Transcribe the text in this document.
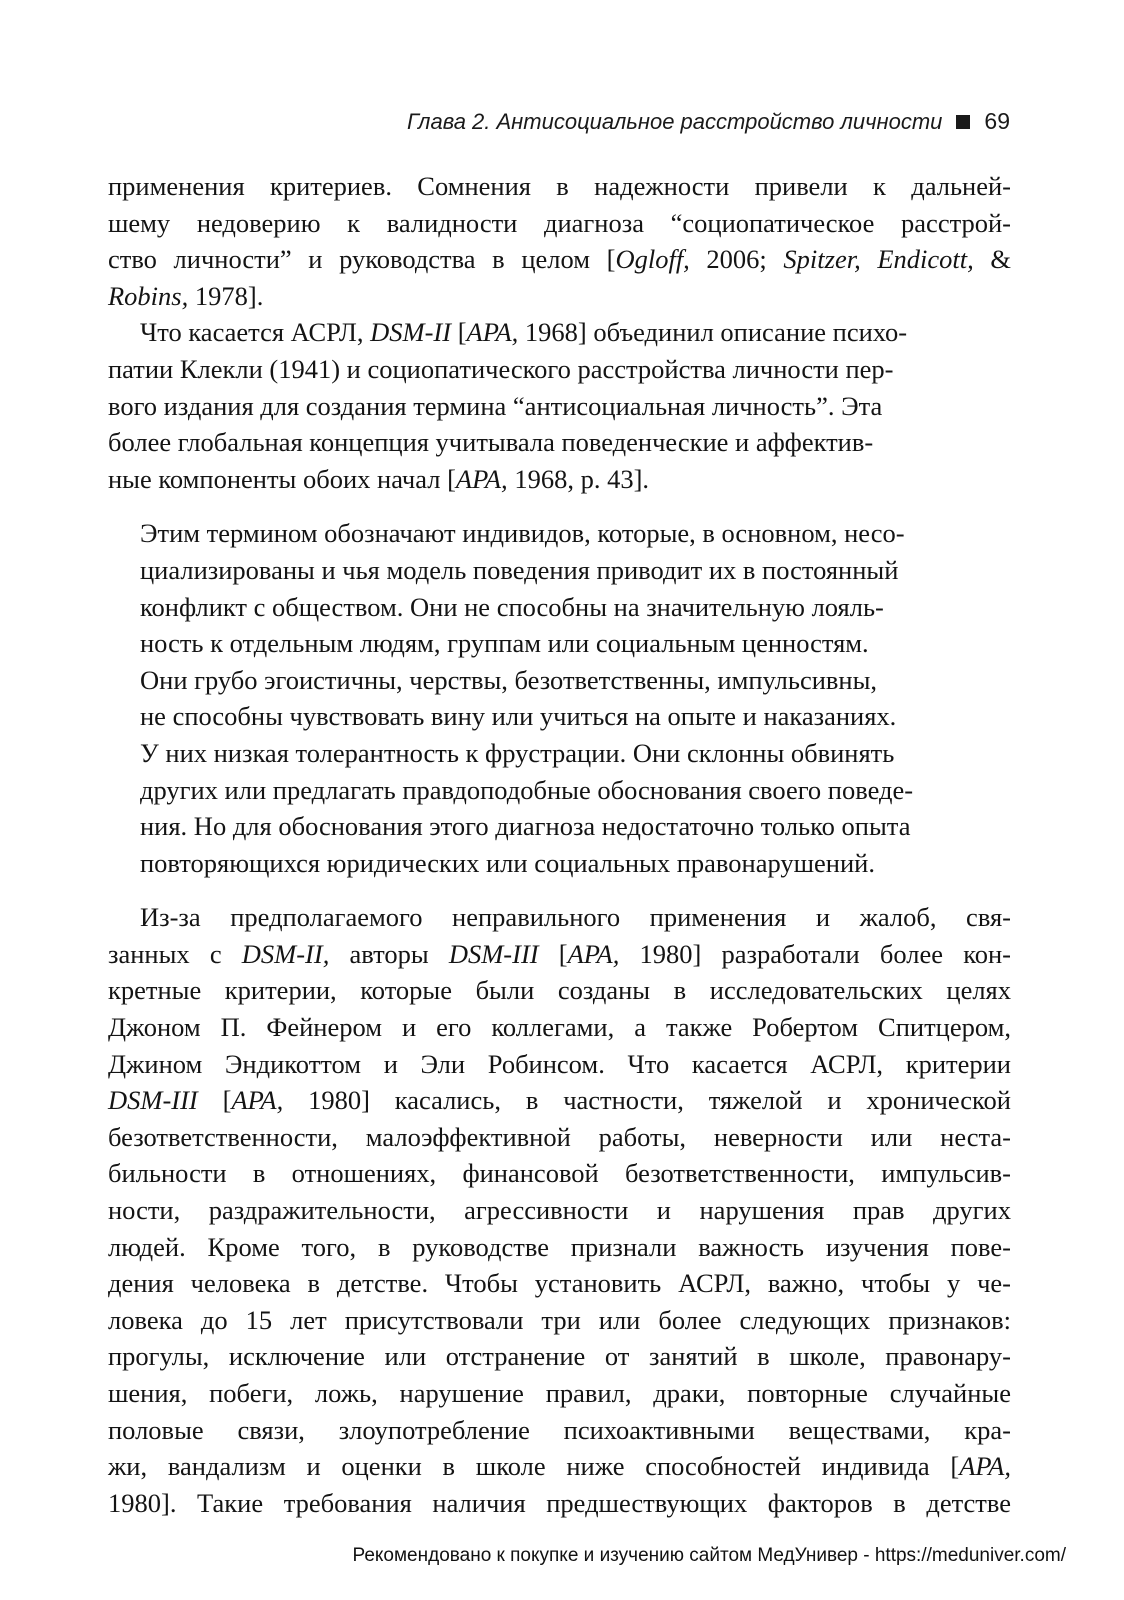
Глава 2. Антисоциальное расстройство личности 69

применения критериев. Сомнения в надежности привели к дальней-
шему недоверию к валидности диагноза “социопатическое расстрой-
ство личности” и руководства в целом [Ogloff, 2006; Spitzer, Endicott, &

Robins, 1978].

Что касается АСРЛ, DSM-II [APA, 1968] объединил описание психо-
патии Клекли (1941) и социопатического расстройства личности пер-
вого издания для создания термина “антисоциальная личность”. Эта
более глобальная концепция учитывала поведенческие и аффектив-
ные компоненты обоих начал [APA, 1968, p. 43].

Этим термином обозначают индивидов, которые, в основном, несо-
циализированы и чья модель поведения приводит их в постоянный
конфликт с обществом. Они не способны на значительную лояль-
ность к отдельным людям, группам или социальным ценностям.
Они грубо эгоистичны, черствы, безответственны, импульсивны,
не способны чувствовать вину или учиться на опыте и наказаниях.
У них низкая толерантность к фрустрации. Они склонны обвинять
других или предлагать правдоподобные обоснования своего поведе-
ния. Но для обоснования этого диагноза недостаточно только опыта
повторяющихся юридических или социальных правонарушений.

Из-за предполагаемого неправильного применения и жалоб, свя-
занных с DSM-II, авторы DSM-III [APA, 1980] разработали более кон-
кретные критерии, которые были созданы в исследовательских целях
Джоном П. Фейнером и его коллегами, а также Робертом Спитцером,
Джином Эндикоттом и Эли Робинсом. Что касается АСРЛ, критерии
DSM-III [APA, 1980] касались, в частности, тяжелой и хронической
безответственности, малоэффективной работы, неверности или неста-
бильности в отношениях, финансовой безответственности, импульсив-
ности, раздражительности, агрессивности и нарушения прав других
людей. Кроме того, в руководстве признали важность изучения пове-
дения человека в детстве. Чтобы установить АСРЛ, важно, чтобы у че-
ловека до 15 лет присутствовали три или более следующих признаков:
прогулы, исключение или отстранение от занятий в школе, правонару-
шения, побеги, ложь, нарушение правил, драки, повторные случайные
половые связи, злоупотребление психоактивными веществами, кра-
жи, вандализм и оценки в школе ниже способностей индивида [APA,
1980]. Такие требования наличия предшествующих факторов в детстве

Рекомендовано к покупке и изучению сайтом МедУнивер - https://meduniver.com/
